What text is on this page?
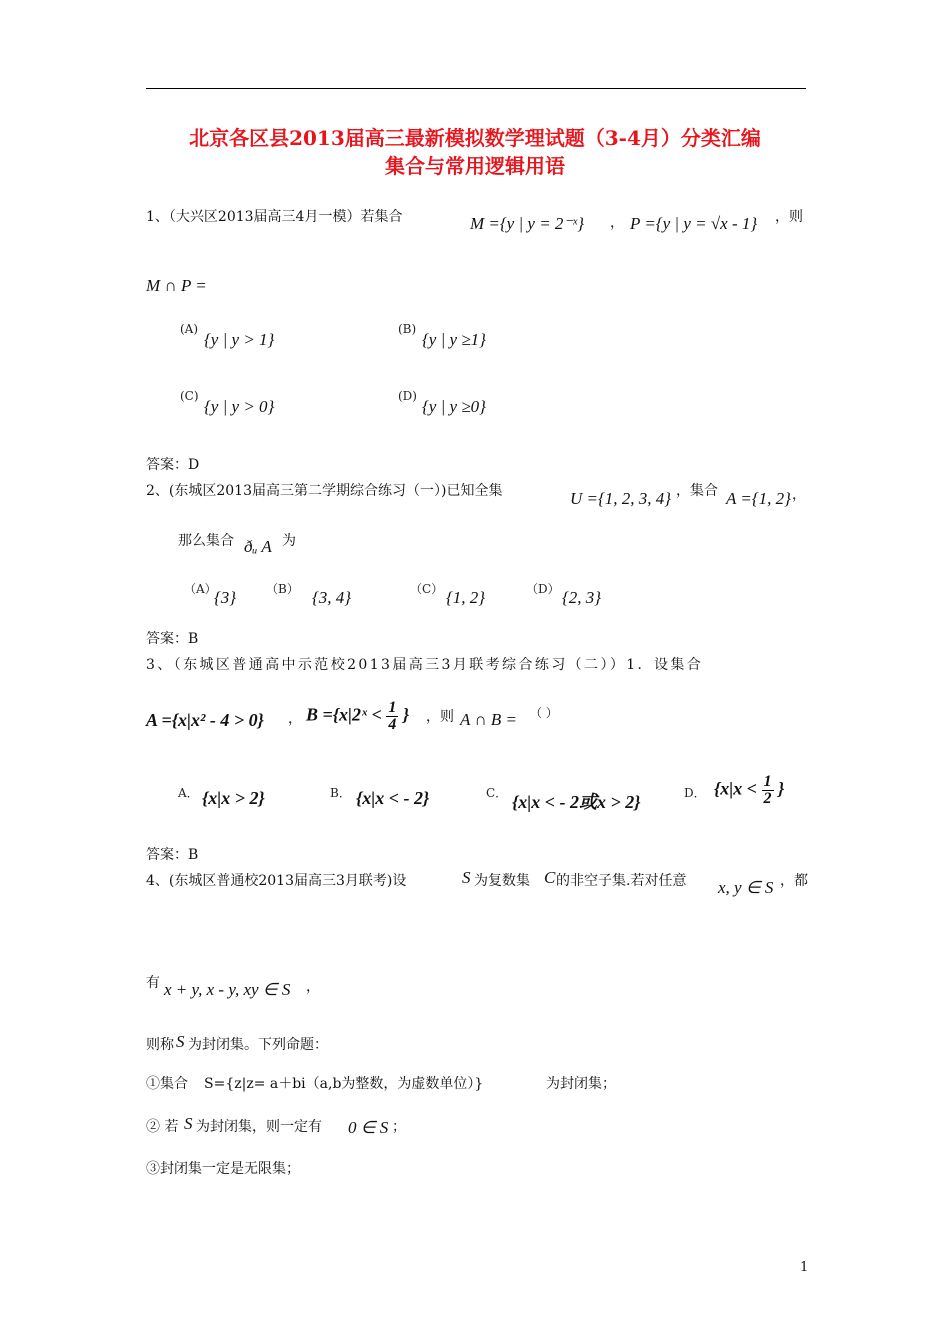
北京各区县2013届高三最新模拟数学理试题（3-4月）分类汇编
集合与常用逻辑用语
1、（大兴区2013届高三4月一模）若集合	M ={y | y = 2⁻ˣ} ， P ={y | y = √x - 1} ，则
M ∩ P =
(A)
{y | y > 1}
(B)
{y | y ≥1}
(C)
{y | y > 0}
(D)
{y | y ≥0}
答案：D
2、(东城区2013届高三第二学期综合练习（一）)已知全集	U ={1, 2, 3, 4} ，集合 A ={1, 2} ，
那么集合 ðᵤ A 为
（A）
{3} （B） {3, 4}	（C） {1, 2}	（D） {2, 3}
答案：B
3、（东城区普通高中示范校2013届高三3月联考综合练习（二））1．设集合
A ={x|x² - 4 > 0} ， B ={x|2ˣ < $\frac{1}{4}$ } ，则 A ∩ B = （ ）
A． {x|x > 2}	B． {x|x < - 2}	C． {x|x < - 2或x > 2}	D． {$x|x < \frac{1}{2}$ }
答案：B
4、(东城区普通校2013届高三3月联考)设	S 为复数集 C 的非空子集.若对任意 x, y ∈ S ，都
有 x + y, x - y, xy ∈ S ，
则称 S 为封闭集。下列命题：
①集合 S={z|z= a＋bi（a,b为整数，为虚数单位）}	为封闭集；
② 若 S 为封闭集，则一定有 0 ∈ S ；
③封闭集一定是无限集；
1
